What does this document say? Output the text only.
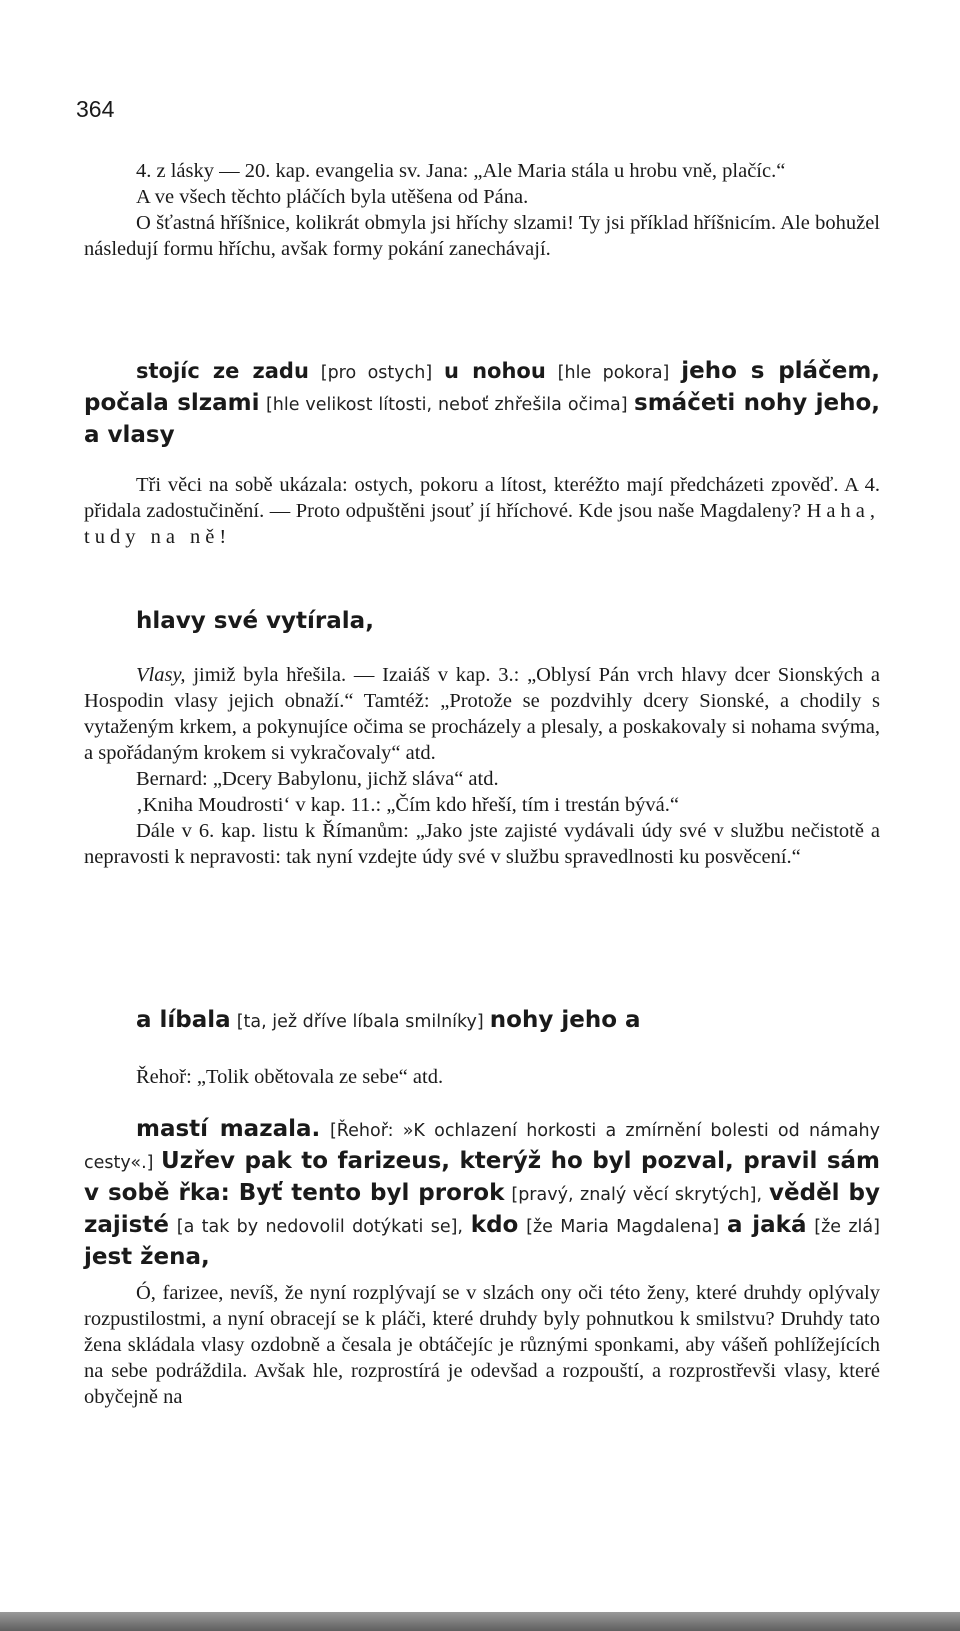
364

4. z lásky — 20. kap. evangelia sv. Jana: „Ale Maria stála u hrobu vně, plačíc.“

A ve všech těchto pláčích byla utěšena od Pána.

O šťastná hříšnice, kolikrát obmyla jsi hříchy slzami! Ty jsi příklad hříšnicím. Ale bohužel následují formu hříchu, avšak formy pokání zanechávají.

stojíc ze zadu [pro ostych] u nohou [hle pokora] jeho s pláčem, počala slzami [hle velikost lítosti, neboť zhřešila očima] smáčeti nohy jeho, a vlasy

Tři věci na sobě ukázala: ostych, pokoru a lítost, kteréžto mají předcházeti zpověď. A 4. přidala zadostučinění. — Proto odpuštěni jsouť jí hříchové. Kde jsou naše Magdaleny? Haha, tudy na ně!

hlavy své vytírala,

Vlasy, jimiž byla hřešila. — Izaiáš v kap. 3.: „Oblysí Pán vrch hlavy dcer Sionských a Hospodin vlasy jejich obnaží.“ Tamtéž: „Protože se pozdvihly dcery Sionské, a chodily s vytaženým krkem, a pokynujíce očima se procházely a plesaly, a poskakovaly si nohama svýma, a spořádaným krokem si vykračovaly“ atd.

Bernard: „Dcery Babylonu, jichž sláva“ atd.

‚Kniha Moudrosti‘ v kap. 11.: „Čím kdo hřeší, tím i trestán bývá.“

Dále v 6. kap. listu k Římanům: „Jako jste zajisté vydávali údy své v službu nečistotě a nepravosti k nepravosti: tak nyní vzdejte údy své v službu spravedlnosti ku posvěcení.“

a líbala [ta, jež dříve líbala smilníky] nohy jeho a

Řehoř: „Tolik obětovala ze sebe“ atd.

mastí mazala. [Řehoř: »K ochlazení horkosti a zmírnění bolesti od námahy cesty«.] Uzřev pak to farizeus, kterýž ho byl pozval, pravil sám v sobě řka: Byť tento byl prorok [pravý, znalý věcí skrytých], věděl by zajisté [a tak by nedovolil dotýkati se], kdo [že Maria Magdalena] a jaká [že zlá] jest žena,

Ó, farizee, nevíš, že nyní rozplývají se v slzách ony oči této ženy, které druhdy oplývaly rozpustilostmi, a nyní obracejí se k pláči, které druhdy byly pohnutkou k smilstvu? Druhdy tato žena skládala vlasy ozdobně a česala je obtáčejíc je různými sponkami, aby vášeň pohlížejících na sebe podráždila. Avšak hle, rozprostírá je odevšad a rozpouští, a rozprostřevši vlasy, které obyčejně na
